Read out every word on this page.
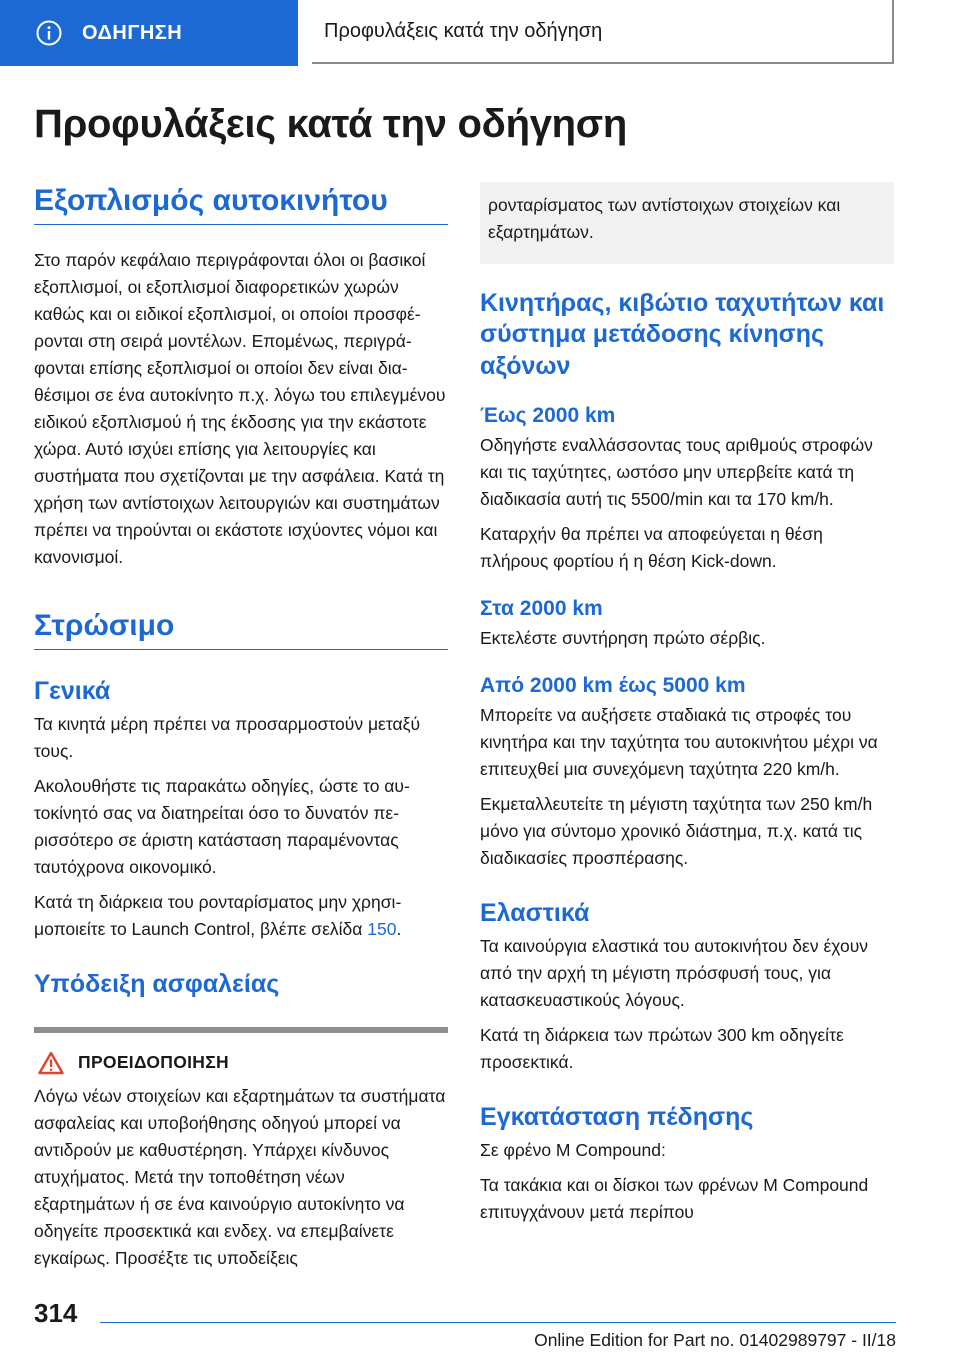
ΟΔΗΓΗΣΗ	Προφυλάξεις κατά την οδήγηση
Προφυλάξεις κατά την οδήγηση
Εξοπλισμός αυτοκινήτου

Στο παρόν κεφάλαιο περιγράφονται όλοι οι βασικοί εξοπλισμοί, οι εξοπλισμοί διαφορετικών χωρών καθώς και οι ειδικοί εξοπλισμοί, οι οποίοι προσφέρονται στη σειρά μοντέλων. Επομένως, περιγράφονται επίσης εξοπλισμοί οι οποίοι δεν είναι διαθέσιμοι σε ένα αυτοκίνητο π.χ. λόγω του επιλεγμένου ειδικού εξοπλισμού ή της έκδοσης για την εκάστοτε χώρα. Αυτό ισχύει επίσης για λειτουργίες και συστήματα που σχετίζονται με την ασφάλεια. Κατά τη χρήση των αντίστοιχων λειτουργιών και συστημάτων πρέπει να τηρούνται οι εκάστοτε ισχύοντες νόμοι και κανονισμοί.

Στρώσιμο
Γενικά

Τα κινητά μέρη πρέπει να προσαρμοστούν μεταξύ τους.

Ακολουθήστε τις παρακάτω οδηγίες, ώστε το αυτοκίνητό σας να διατηρείται όσο το δυνατόν περισσότερο σε άριστη κατάσταση παραμένοντας ταυτόχρονα οικονομικό.

Κατά τη διάρκεια του ρονταρίσματος μην χρησιμοποιείτε το Launch Control, βλέπε σελίδα 150.

Υπόδειξη ασφαλείας
ΠΡΟΕΙΔΟΠΟΙΗΣΗ

Λόγω νέων στοιχείων και εξαρτημάτων τα συστήματα ασφαλείας και υποβοήθησης οδηγού μπορεί να αντιδρούν με καθυστέρηση. Υπάρχει κίνδυνος ατυχήματος. Μετά την τοποθέτηση νέων εξαρτημάτων ή σε ένα καινούργιο αυτοκίνητο να οδηγείτε προσεκτικά και ενδεχ. να επεμβαίνετε εγκαίρως. Προσέξτε τις υποδείξεις

ρονταρίσματος των αντίστοιχων στοιχείων και εξαρτημάτων.

Κινητήρας, κιβώτιο ταχυτήτων και σύστημα μετάδοσης κίνησης αξόνων
Έως 2000 km

Οδηγήστε εναλλάσσοντας τους αριθμούς στροφών και τις ταχύτητες, ωστόσο μην υπερβείτε κατά τη διαδικασία αυτή τις 5500/min και τα 170 km/h.

Καταρχήν θα πρέπει να αποφεύγεται η θέση πλήρους φορτίου ή η θέση Kick-down.

Στα 2000 km

Εκτελέστε συντήρηση πρώτο σέρβις.

Από 2000 km έως 5000 km

Μπορείτε να αυξήσετε σταδιακά τις στροφές του κινητήρα και την ταχύτητα του αυτοκινήτου μέχρι να επιτευχθεί μια συνεχόμενη ταχύτητα 220 km/h.

Εκμεταλλευτείτε τη μέγιστη ταχύτητα των 250 km/h μόνο για σύντομο χρονικό διάστημα, π.χ. κατά τις διαδικασίες προσπέρασης.

Ελαστικά

Τα καινούργια ελαστικά του αυτοκινήτου δεν έχουν από την αρχή τη μέγιστη πρόσφυσή τους, για κατασκευαστικούς λόγους.

Κατά τη διάρκεια των πρώτων 300 km οδηγείτε προσεκτικά.

Εγκατάσταση πέδησης

Σε φρένο M Compound:

Τα τακάκια και οι δίσκοι των φρένων M Compound επιτυγχάνουν μετά περίπου

314
Online Edition for Part no. 01402989797 - II/18
